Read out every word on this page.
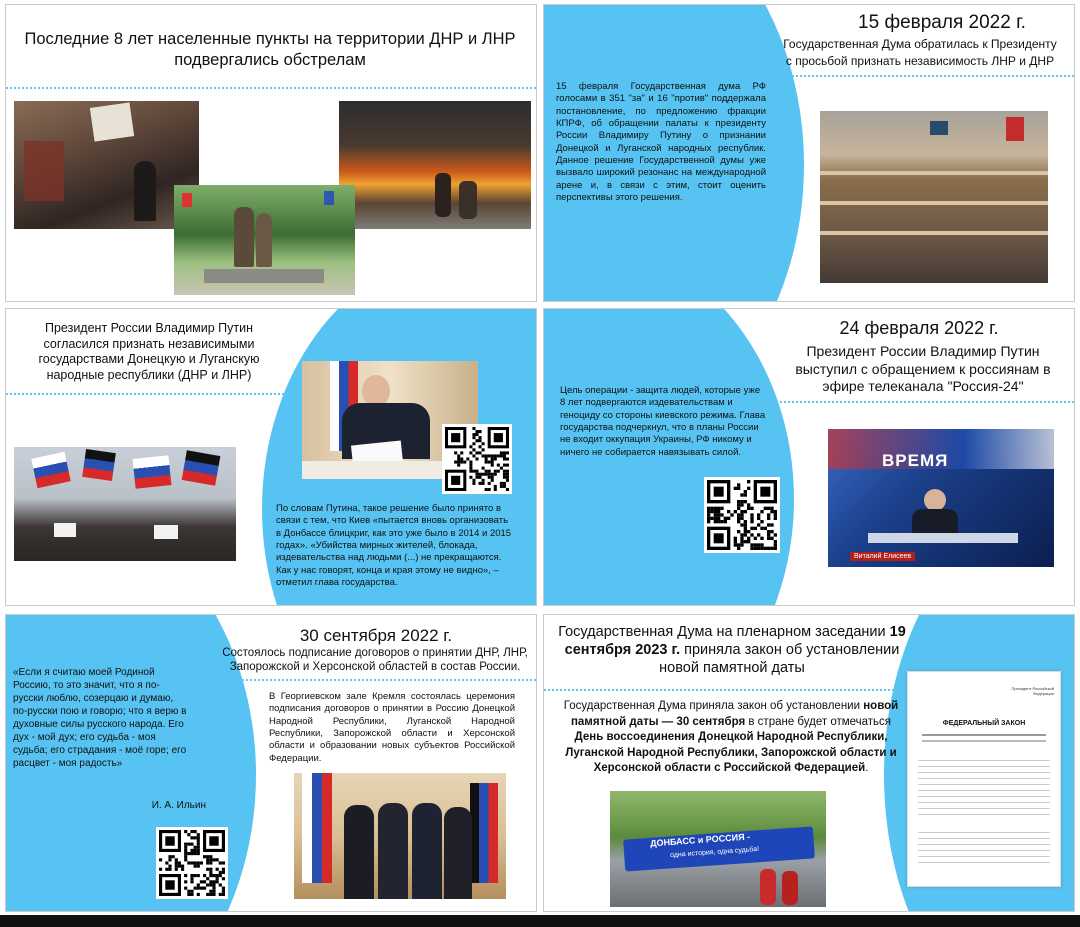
Последние 8 лет населенные пункты на территории ДНР и ЛНР подвергались обстрелам
15 февраля 2022 г.
Государственная Дума обратилась к Президенту
с просьбой признать независимость ЛНР и ДНР
15 февраля Государственная дума РФ голосами в 351 "за" и 16 "против" поддержала постановление, по предложению фракции КПРФ, об обращении палаты к президенту России Владимиру Путину о признании Донецкой и Луганской народных республик. Данное решение Государственной думы уже вызвало широкий резонанс на международной арене и, в связи с этим, стоит оценить перспективы этого решения.
Президент России Владимир Путин согласился признать независимыми государствами Донецкую и Луганскую народные республики (ДНР и ЛНР)
По словам Путина, такое решение было принято в связи с тем, что Киев «пытается вновь организовать в Донбассе блицкриг, как это уже было в 2014 и 2015 годах». «Убийства мирных жителей, блокада, издевательства над людьми (...) не прекращаются. Как у нас говорят, конца и края этому не видно», – отметил глава государства.
24 февраля 2022 г.
Президент России Владимир Путин выступил с обращением к россиянам в эфире телеканала "Россия-24"
Цель операции - защита людей, которые уже 8 лет подвергаются издевательствам и геноциду со стороны киевского режима. Глава государства подчеркнул, что в планы России не входит оккупация Украины, РФ никому и ничего не собирается навязывать силой.	ВРЕМЯ
Виталий Елисеев
30 сентября 2022 г.
Состоялось подписание договоров о принятии ДНР, ЛНР, Запорожской и Херсонской областей в состав России.
«Если я считаю моей Родиной Россию, то это значит, что я по-русски люблю, созерцаю и думаю, по-русски пою и говорю; что я верю в духовные силы русского народа. Его дух - мой дух; его судьба - моя судьба; его страдания - моё горе; его расцвет - моя радость»
И. А. Ильин
В Георгиевском зале Кремля состоялась церемония подписания договоров о принятии в Россию Донецкой Народной Республики, Луганской Народной Республики, Запорожской области и Херсонской области и образовании новых субъектов Российской Федерации.
Государственная Дума на пленарном заседании 19 сентября 2023 г. приняла закон об установлении новой памятной даты
Государственная Дума приняла закон об установлении новой памятной даты — 30 сентября в стране будет отмечаться День воссоединения Донецкой Народной Республики, Луганской Народной Республики, Запорожской области и Херсонской области с Российской Федерацией.
ДОНБАСС и РОССИЯ -
одна история, одна судьба!
Президент Российской Федерации
ФЕДЕРАЛЬНЫЙ ЗАКОН
